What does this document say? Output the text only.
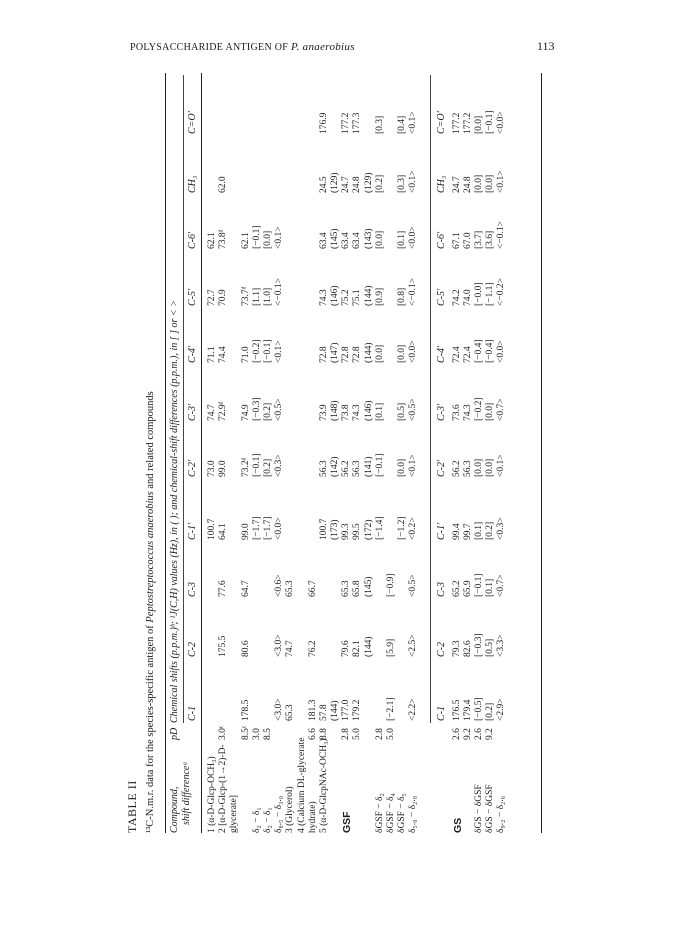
POLYSACCHARIDE ANTIGEN OF P. anaerobius	113
TABLE II ¹³C-N.m.r. data for the species-specific antigen of Peptostreptococcus anaerobius and related compounds
Compound, shift differenceᵃ
pD
Chemical shifts (p.p.m.)ᵇ; ¹J(C,H) values (Hz), in ( ); and chemical-shift differences (p.p.m.), in [ ] or < > C-1
C-2
C-3
C-1′
C-2′
C-3′
C-4′
C-5′
C-6′
CH₃
C=O′
1 (α-D-Glcp-OCH₃)
100.7
73.0
74.7
71.1
72.7
62.1
2 [α-D-Glcp-(1→2)-D-
3.0ᶜ
175.5
77.6
64.1
99.0
72.9ᵈ
74.4
70.9
73.8ᵈ
62.0
glycerate]
8.5ᶜ
178.5
80.6
64.7
99.0
73.2ᵈ
74.9
71.0
73.7ᵈ
62.1
δ₂ − δ₁
3.0
[−1.7]
[−0.1]
[−0.3]
[−0.2]
[1.1]
[−0.1]
δ₂ − δ₁
8.5
[−1.7]
[0.2]
[0.2]
[−0.1]
[1.0]
[0.0]
δ₈.₅ − δ₃.₀
<3.0>
<3.0>
<0.6>
<0.0>
<0.3>
<0.5>
<0.1>
<−0.1>
<0.1>
3 (Glycerol)
65.3
74.7
65.3
4 (Calcium DL-glycerate hydrate)
6.6
181.3
76.2
66.7
5 (α-D-GlcpNAc-OCH₃)
8.8
57.8
100.7
56.3
73.9
72.8
74.3
63.4
24.5
176.9
(144)
(173)
(142)
(148)
(147)
(146)
(145)
(129)
GSF
2.8
177.0
79.6
65.3
99.3
56.2
73.8
72.8
75.2
63.4
24.7
177.2
5.0
179.2
82.1
65.8
99.5
56.3
74.3
72.8
75.1
63.4
24.8
177.3
(144)
(145)
(172)
(141)
(146)
(144)
(144)
(143)
(129)
δGSF − δ₂
2.8
[−1.4]
[−0.1]
[0.1]
[0.0]
[0.9]
[0.0]
[0.2]
[0.3]
δGSF − δ₄
5.0
[−2.1]
[5.9]
[−0.9]
δGSF − δ₅
[−1.2]
[0.0]
[0.5]
[0.0]
[0.8]
[0.1]
[0.3]
[0.4]
δ₅.₀ − δ₂.₈
<2.2>
<2.5>
<0.5>
<0.2>
<0.1>
<0.5>
<0.0>
<−0.1>
<0.0>
<0.1>
<0.1>
C-1
C-2
C-3
C-1′
C-2′
C-3′
C-4′
C-5′
C-6′
CH₃
C=O′
GS
2.6
176.5
79.3
65.2
99.4
56.2
73.6
72.4
74.2
67.1
24.7
177.2
9.2
179.4
82.6
65.9
99.7
56.3
74.3
72.4
74.0
67.0
24.8
177.2
δGS − δGSF
2.6
[−0.5]
[−0.3]
[−0.1]
[0.1]
[0.0]
[−0.2]
[−0.4]
[−0.0]
[3.7]
[0.0]
[0.0]
δGS − δGSF
9.2
[0.2]
[0.5]
[0.1]
[0.2]
[0.0]
[0.0]
[−0.4]
[−1.1]
[3.6]
[0.0]
[−0.1]
δ₉.₂ − δ₂.₆
<2.9>
<3.3>
<0.7>
<0.3>
<0.1>
<0.7>
<0.0>
<−0.2>
<−0.1>
<0.1>
<0.0>
